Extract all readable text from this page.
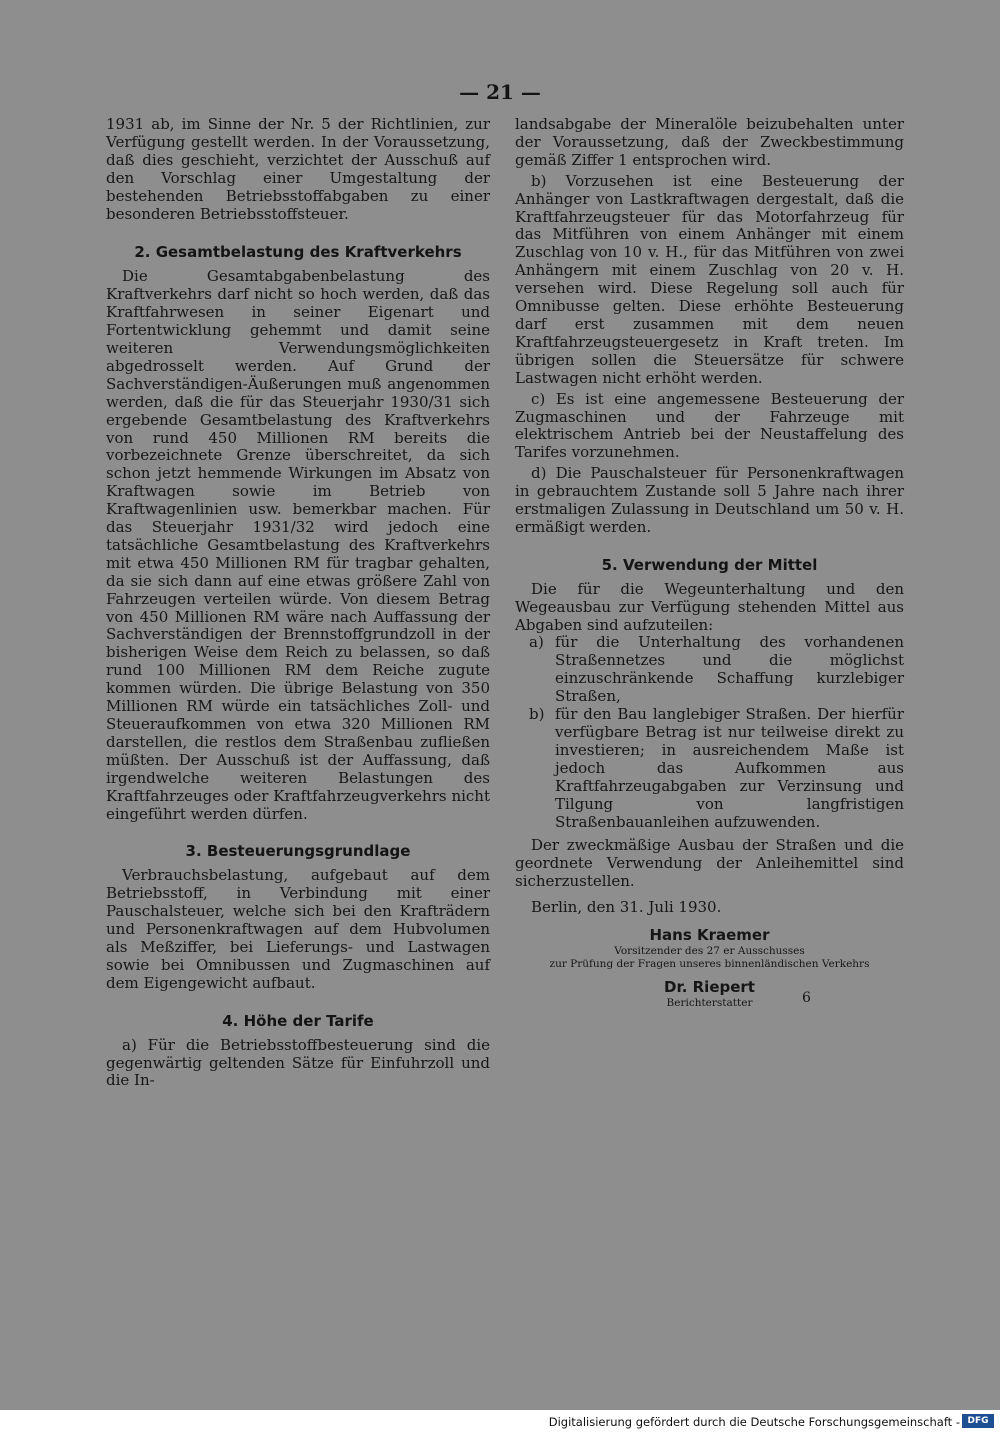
— 21 —

1931 ab, im Sinne der Nr. 5 der Richtlinien, zur Verfügung gestellt werden. In der Voraussetzung, daß dies geschieht, verzichtet der Ausschuß auf den Vorschlag einer Umgestaltung der bestehenden Betriebsstoffabgaben zu einer besonderen Betriebsstoffsteuer.

2. Gesamtbelastung des Kraftverkehrs

Die Gesamtabgabenbelastung des Kraftverkehrs darf nicht so hoch werden, daß das Kraftfahrwesen in seiner Eigenart und Fortentwicklung gehemmt und damit seine weiteren Verwendungsmöglichkeiten abgedrosselt werden. Auf Grund der Sachverständigen-Äußerungen muß angenommen werden, daß die für das Steuerjahr 1930/31 sich ergebende Gesamtbelastung des Kraftverkehrs von rund 450 Millionen RM bereits die vorbezeichnete Grenze überschreitet, da sich schon jetzt hemmende Wirkungen im Absatz von Kraftwagen sowie im Betrieb von Kraftwagenlinien usw. bemerkbar machen. Für das Steuerjahr 1931/32 wird jedoch eine tatsächliche Gesamtbelastung des Kraftverkehrs mit etwa 450 Millionen RM für tragbar gehalten, da sie sich dann auf eine etwas größere Zahl von Fahrzeugen verteilen würde. Von diesem Betrag von 450 Millionen RM wäre nach Auffassung der Sachverständigen der Brennstoffgrundzoll in der bisherigen Weise dem Reich zu belassen, so daß rund 100 Millionen RM dem Reiche zugute kommen würden. Die übrige Belastung von 350 Millionen RM würde ein tatsächliches Zoll- und Steueraufkommen von etwa 320 Millionen RM darstellen, die restlos dem Straßenbau zufließen müßten. Der Ausschuß ist der Auffassung, daß irgendwelche weiteren Belastungen des Kraftfahrzeuges oder Kraftfahrzeugverkehrs nicht eingeführt werden dürfen.

3. Besteuerungsgrundlage

Verbrauchsbelastung, aufgebaut auf dem Betriebsstoff, in Verbindung mit einer Pauschalsteuer, welche sich bei den Krafträdern und Personenkraftwagen auf dem Hubvolumen als Meßziffer, bei Lieferungs- und Lastwagen sowie bei Omnibussen und Zugmaschinen auf dem Eigengewicht aufbaut.

4. Höhe der Tarife

a) Für die Betriebsstoffbesteuerung sind die gegenwärtig geltenden Sätze für Einfuhrzoll und die In-

landsabgabe der Mineralöle beizubehalten unter der Voraussetzung, daß der Zweckbestimmung gemäß Ziffer 1 entsprochen wird.

b) Vorzusehen ist eine Besteuerung der Anhänger von Lastkraftwagen dergestalt, daß die Kraftfahrzeugsteuer für das Motorfahrzeug für das Mitführen von einem Anhänger mit einem Zuschlag von 10 v. H., für das Mitführen von zwei Anhängern mit einem Zuschlag von 20 v. H. versehen wird. Diese Regelung soll auch für Omnibusse gelten. Diese erhöhte Besteuerung darf erst zusammen mit dem neuen Kraftfahrzeugsteuergesetz in Kraft treten. Im übrigen sollen die Steuersätze für schwere Lastwagen nicht erhöht werden.

c) Es ist eine angemessene Besteuerung der Zugmaschinen und der Fahrzeuge mit elektrischem Antrieb bei der Neustaffelung des Tarifes vorzunehmen.

d) Die Pauschalsteuer für Personenkraftwagen in gebrauchtem Zustande soll 5 Jahre nach ihrer erstmaligen Zulassung in Deutschland um 50 v. H. ermäßigt werden.

5. Verwendung der Mittel

Die für die Wegeunterhaltung und den Wegeausbau zur Verfügung stehenden Mittel aus Abgaben sind aufzuteilen:

a) für die Unterhaltung des vorhandenen Straßennetzes und die möglichst einzuschränkende Schaffung kurzlebiger Straßen,
b) für den Bau langlebiger Straßen. Der hierfür verfügbare Betrag ist nur teilweise direkt zu investieren; in ausreichendem Maße ist jedoch das Aufkommen aus Kraftfahrzeugabgaben zur Verzinsung und Tilgung von langfristigen Straßenbauanleihen aufzuwenden.

Der zweckmäßige Ausbau der Straßen und die geordnete Verwendung der Anleihemittel sind sicherzustellen.

Berlin, den 31. Juli 1930.

Hans Kraemer

Vorsitzender des 27 er Ausschusses

zur Prüfung der Fragen unseres binnenländischen Verkehrs

Dr. Riepert

Berichterstatter	6
Digitalisierung gefördert durch die Deutsche Forschungsgemeinschaft - DFG
